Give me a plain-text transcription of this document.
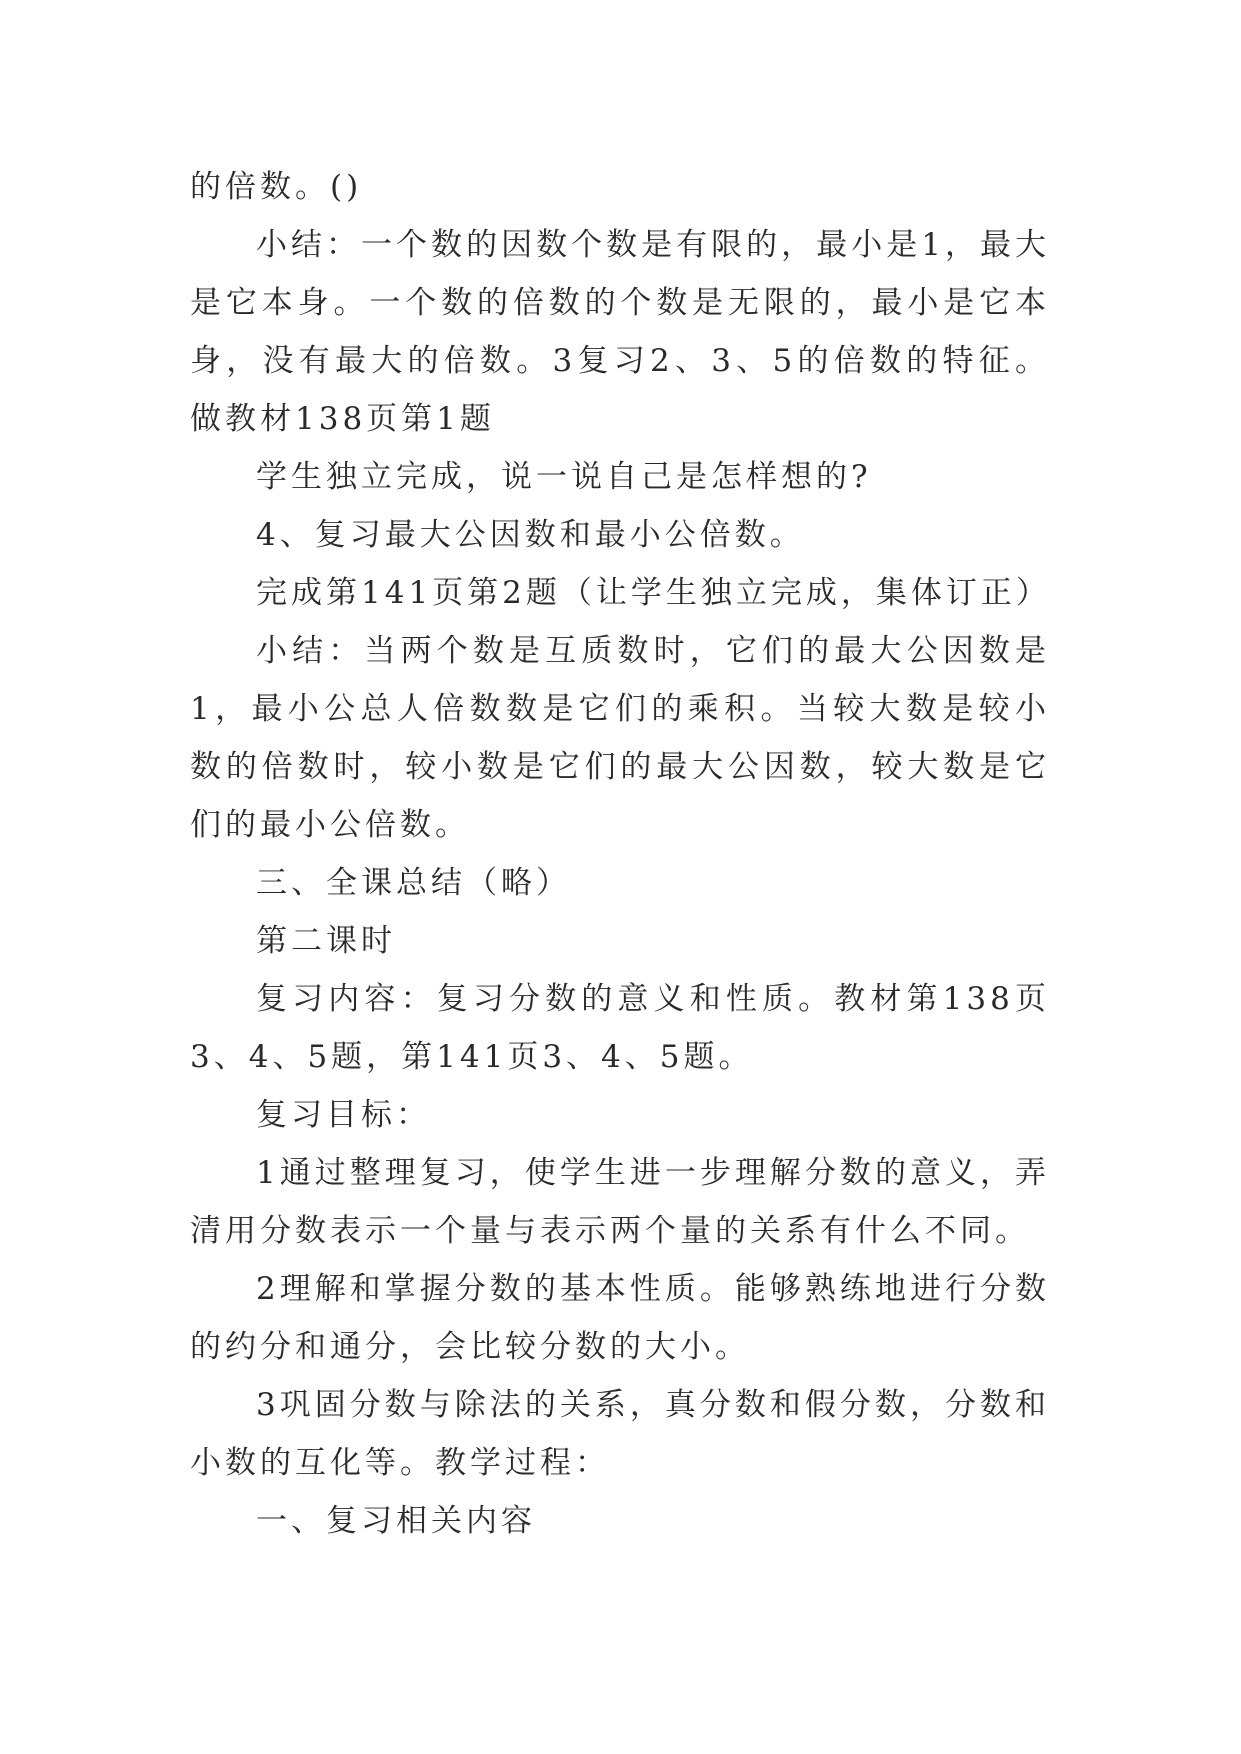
的倍数。()

小结：一个数的因数个数是有限的，最小是1，最大是它本身。一个数的倍数的个数是无限的，最小是它本身，没有最大的倍数。3复习2、3、5的倍数的特征。做教材138页第1题

学生独立完成，说一说自己是怎样想的?

4、复习最大公因数和最小公倍数。

完成第141页第2题（让学生独立完成，集体订正）

小结：当两个数是互质数时，它们的最大公因数是1，最小公总人倍数数是它们的乘积。当较大数是较小数的倍数时，较小数是它们的最大公因数，较大数是它们的最小公倍数。

三、全课总结（略）

第二课时

复习内容：复习分数的意义和性质。教材第138页3、4、5题，第141页3、4、5题。

复习目标：

1通过整理复习，使学生进一步理解分数的意义，弄清用分数表示一个量与表示两个量的关系有什么不同。

2理解和掌握分数的基本性质。能够熟练地进行分数的约分和通分，会比较分数的大小。

3巩固分数与除法的关系，真分数和假分数，分数和小数的互化等。教学过程：

一、复习相关内容
